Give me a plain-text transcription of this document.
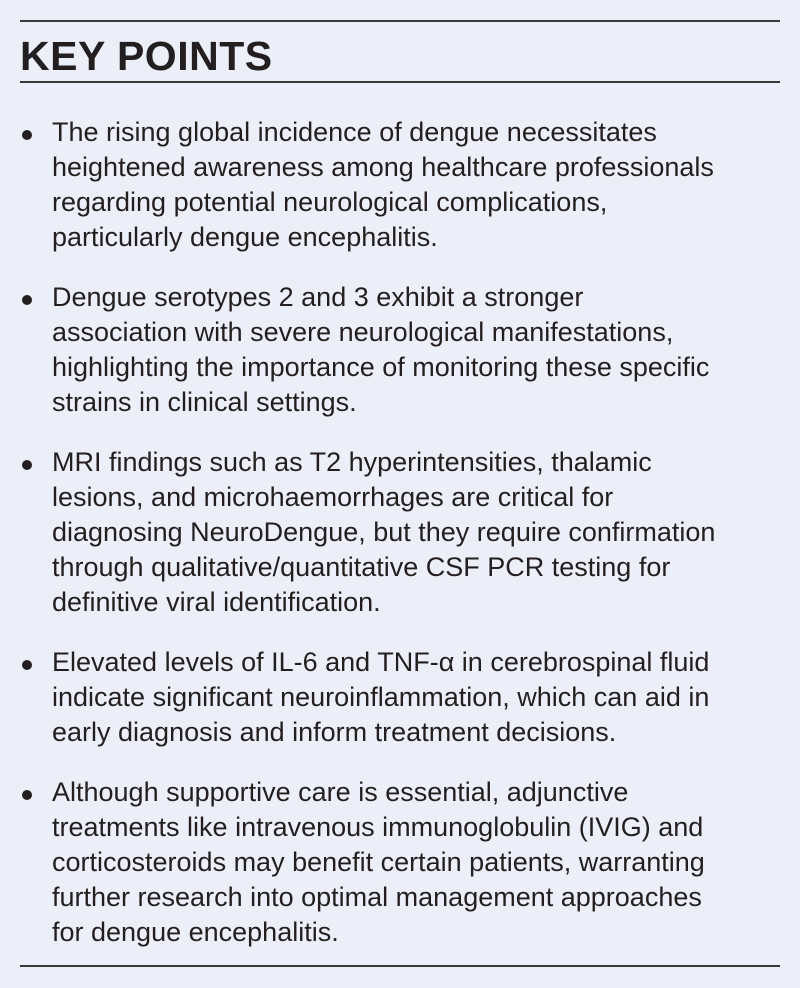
KEY POINTS
The rising global incidence of dengue necessitates
heightened awareness among healthcare professionals
regarding potential neurological complications,
particularly dengue encephalitis.
Dengue serotypes 2 and 3 exhibit a stronger
association with severe neurological manifestations,
highlighting the importance of monitoring these specific
strains in clinical settings.
MRI findings such as T2 hyperintensities, thalamic
lesions, and microhaemorrhages are critical for
diagnosing NeuroDengue, but they require confirmation
through qualitative/quantitative CSF PCR testing for
definitive viral identification.
Elevated levels of IL-6 and TNF-α in cerebrospinal fluid
indicate significant neuroinflammation, which can aid in
early diagnosis and inform treatment decisions.
Although supportive care is essential, adjunctive
treatments like intravenous immunoglobulin (IVIG) and
corticosteroids may benefit certain patients, warranting
further research into optimal management approaches
for dengue encephalitis.
